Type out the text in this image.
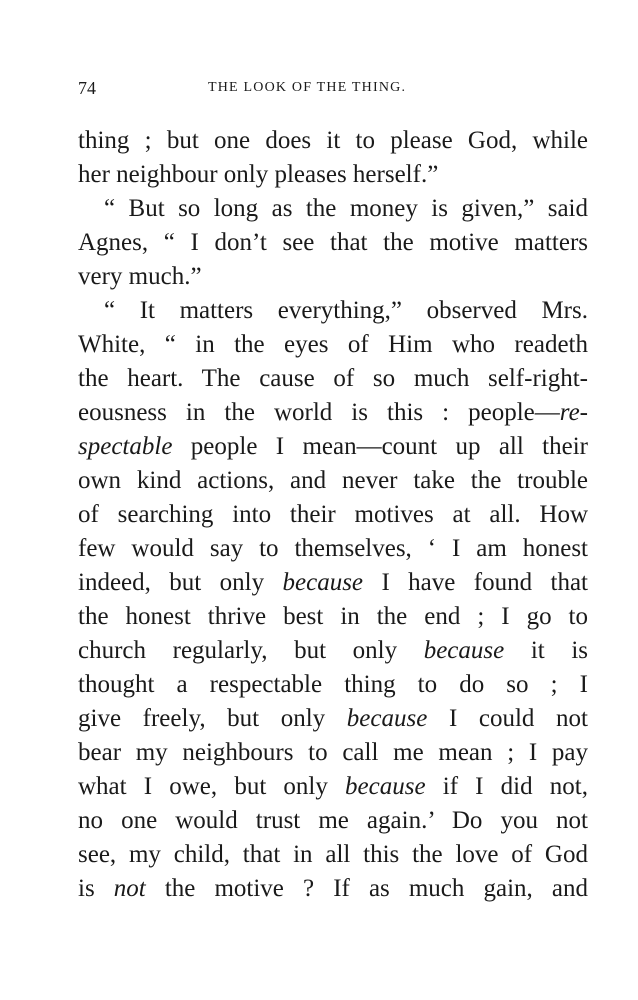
74	THE LOOK OF THE THING.
thing ; but one does it to please God, while
her neighbour only pleases herself.”
“ But so long as the money is given,” said
Agnes, “ I don’t see that the motive matters
very much.”
“ It matters everything,” observed Mrs.
White, “ in the eyes of Him who readeth
the heart. The cause of so much self-right-
eousness in the world is this : people—re-
spectable people I mean—count up all their
own kind actions, and never take the trouble
of searching into their motives at all. How
few would say to themselves, ‘ I am honest
indeed, but only because I have found that
the honest thrive best in the end ; I go to
church regularly, but only because it is
thought a respectable thing to do so ; I
give freely, but only because I could not
bear my neighbours to call me mean ; I pay
what I owe, but only because if I did not,
no one would trust me again.’ Do you not
see, my child, that in all this the love of God
is not the motive ? If as much gain, and
